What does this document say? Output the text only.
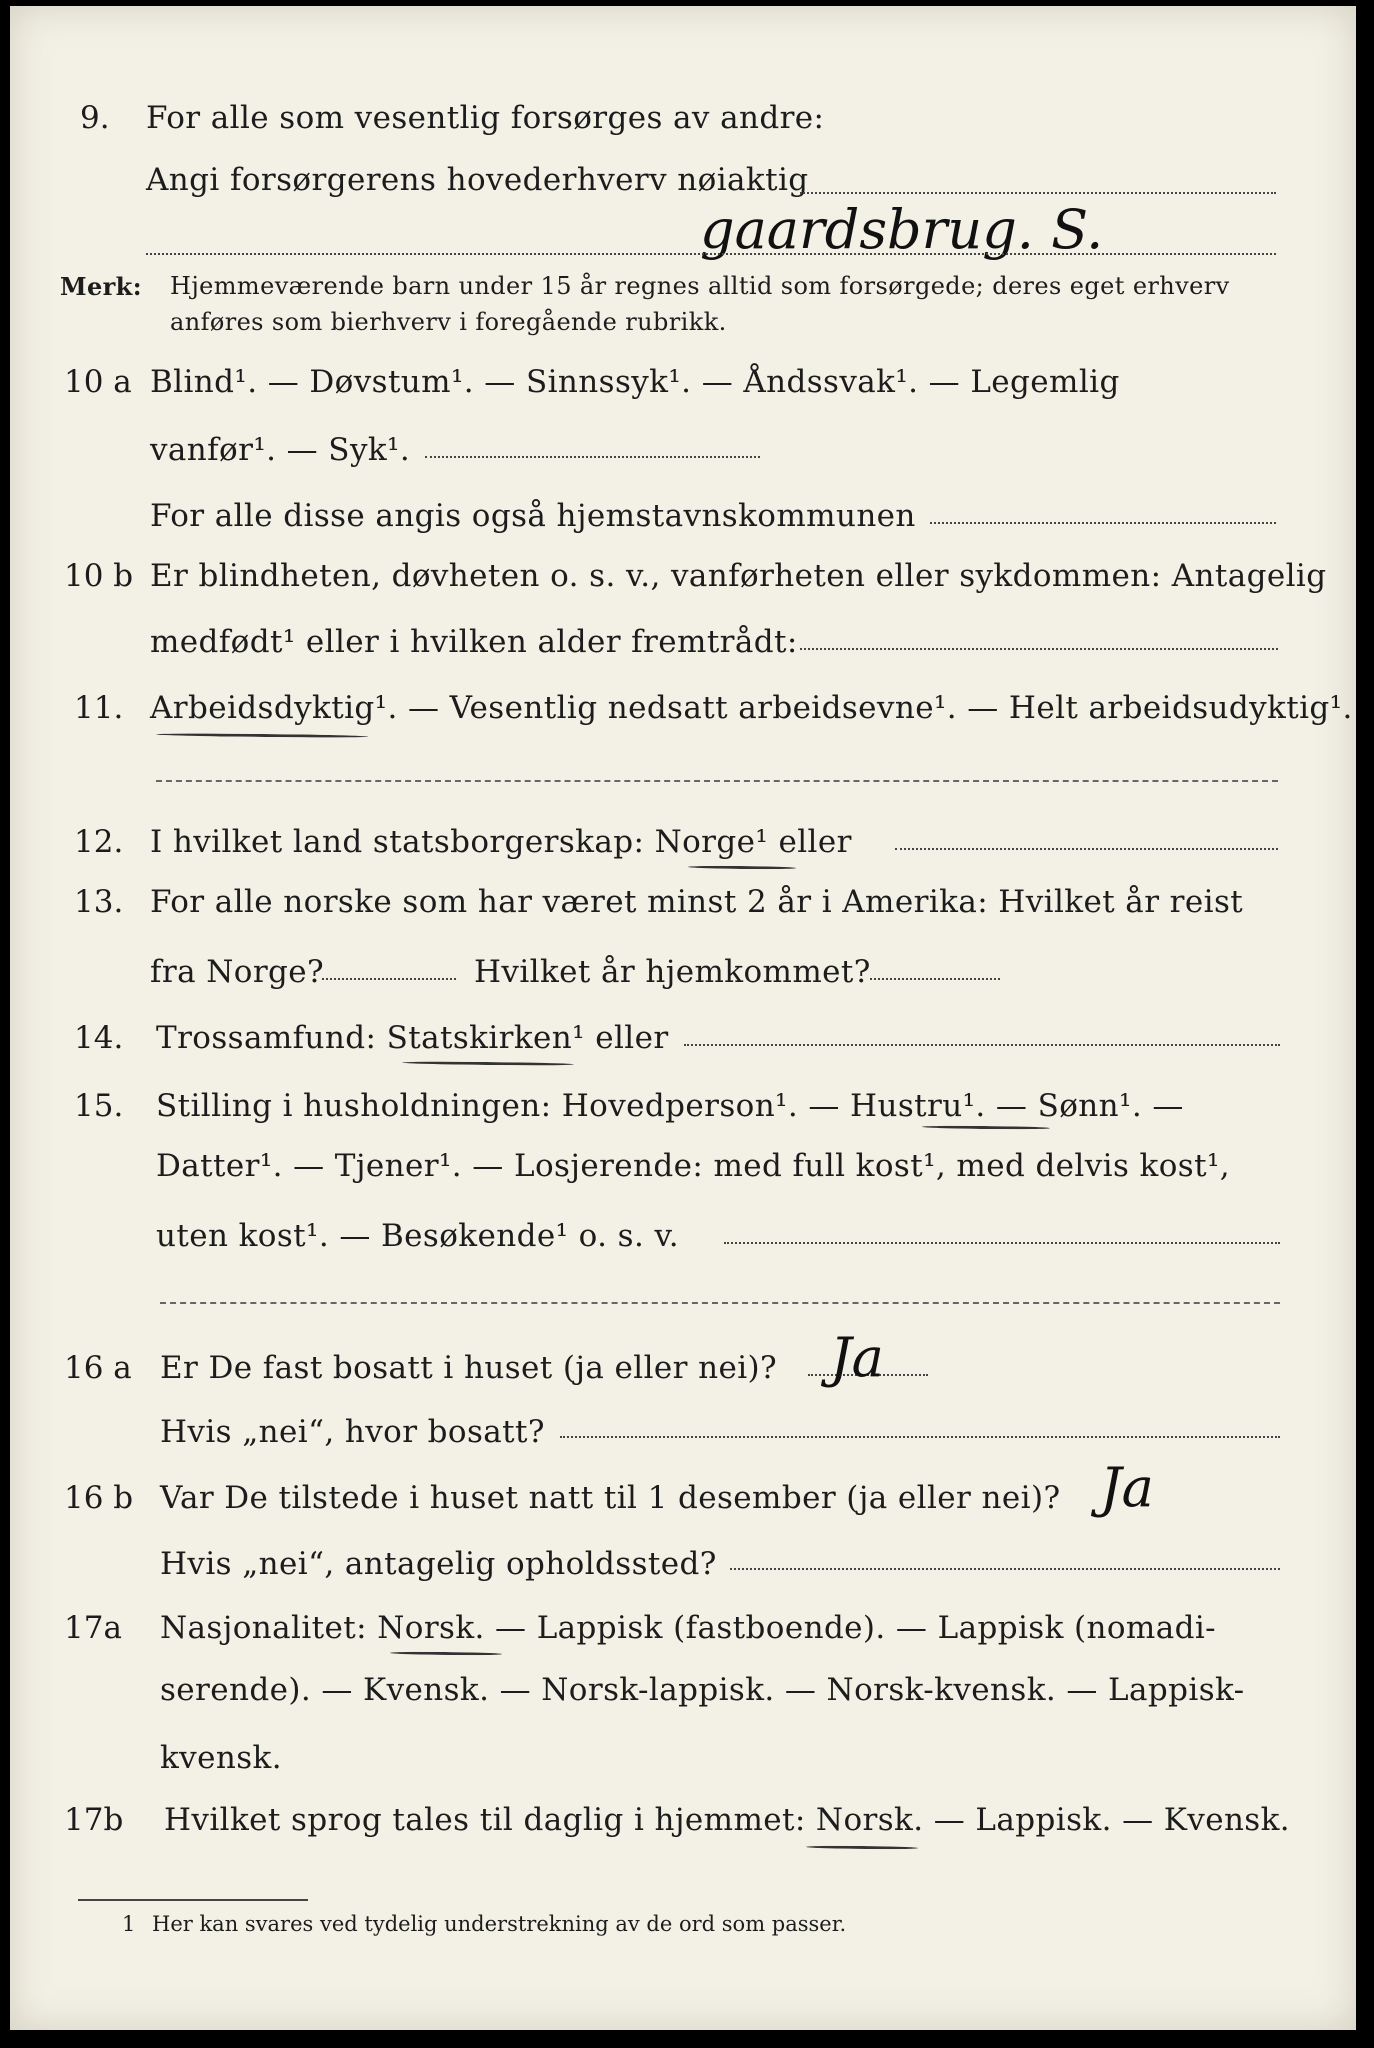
9. For alle som vesentlig forsørges av andre:
Angi forsørgerens hovederhverv nøiaktig
gaardsbrug. S.
Merk: Hjemmeværende barn under 15 år regnes alltid som forsørgede; deres eget erhverv
anføres som bierhverv i foregående rubrikk.
10 a Blind¹. — Døvstum¹. — Sinnssyk¹. — Åndssvak¹. — Legemlig
vanfør¹. — Syk¹.
For alle disse angis også hjemstavnskommunen
10 b Er blindheten, døvheten o. s. v., vanførheten eller sykdommen: Antagelig
medfødt¹ eller i hvilken alder fremtrådt:
11. Arbeidsdyktig¹. — Vesentlig nedsatt arbeidsevne¹. — Helt arbeidsudyktig¹.
12. I hvilket land statsborgerskap: Norge¹ eller
13. For alle norske som har været minst 2 år i Amerika: Hvilket år reist
fra Norge?	Hvilket år hjemkommet?
14. Trossamfund: Statskirken¹ eller
15. Stilling i husholdningen: Hovedperson¹. — Hustru¹. — Sønn¹. —
Datter¹. — Tjener¹. — Losjerende: med full kost¹, med delvis kost¹,
uten kost¹. — Besøkende¹ o. s. v.
16 a Er De fast bosatt i huset (ja eller nei)? Ja
Hvis „nei“, hvor bosatt?
16 b Var De tilstede i huset natt til 1 desember (ja eller nei)? Ja
Hvis „nei“, antagelig opholdssted?
17a Nasjonalitet: Norsk. — Lappisk (fastboende). — Lappisk (nomadi-
serende). — Kvensk. — Norsk-lappisk. — Norsk-kvensk. — Lappisk-
kvensk.
17b Hvilket sprog tales til daglig i hjemmet: Norsk. — Lappisk. — Kvensk.
1 Her kan svares ved tydelig understrekning av de ord som passer.
